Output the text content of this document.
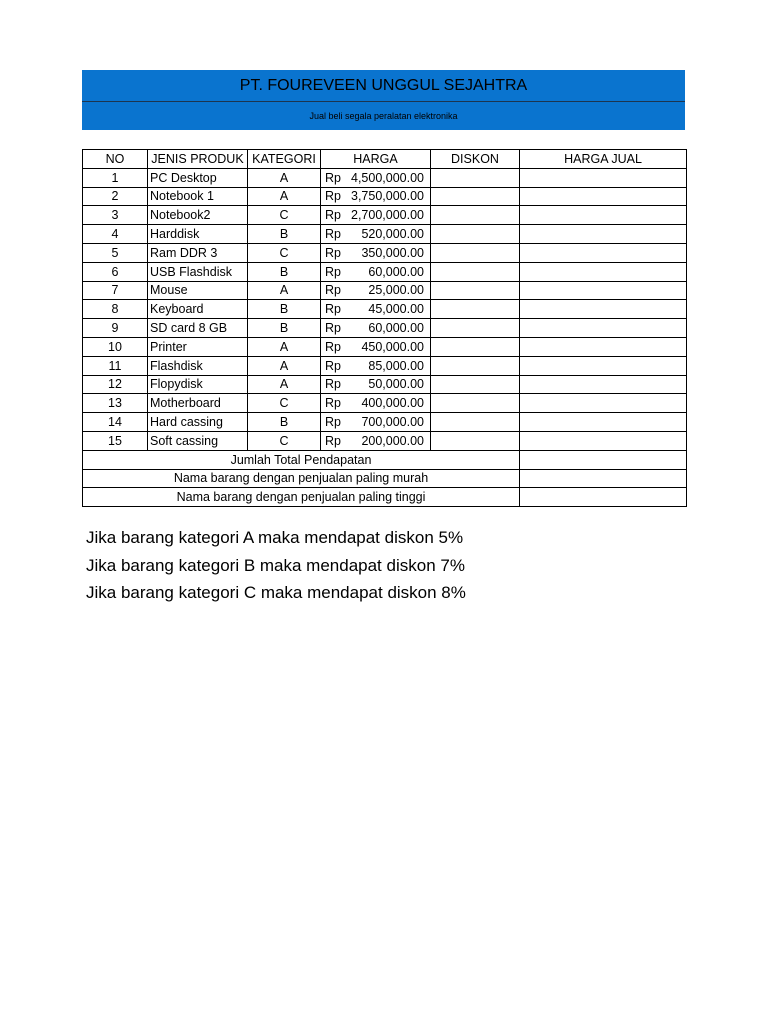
PT. FOUREVEEN UNGGUL SEJAHTRA
Jual beli segala peralatan elektronika
NO	JENIS PRODUK	KATEGORI	HARGA	DISKON	HARGA JUAL
1	PC Desktop	A	Rp 4,500,000.00		

2	Notebook 1	A	Rp 3,750,000.00		

3	Notebook2	C	Rp 2,700,000.00		

4	Harddisk	B	Rp 520,000.00		

5	Ram DDR 3	C	Rp 350,000.00		

6	USB Flashdisk	B	Rp 60,000.00		

7	Mouse	A	Rp 25,000.00		

8	Keyboard	B	Rp 45,000.00		

9	SD card 8 GB	B	Rp 60,000.00		

10	Printer	A	Rp 450,000.00		

11	Flashdisk	A	Rp 85,000.00		

12	Flopydisk	A	Rp 50,000.00		

13	Motherboard	C	Rp 400,000.00		

14	Hard cassing	B	Rp 700,000.00		

15	Soft cassing	C	Rp 200,000.00		

Jumlah Total Pendapatan					
Nama barang dengan penjualan paling murah					
Nama barang dengan penjualan paling tinggi					
Jika barang kategori A maka mendapat diskon 5%
Jika barang kategori B maka mendapat diskon 7%
Jika barang kategori C maka mendapat diskon 8%
